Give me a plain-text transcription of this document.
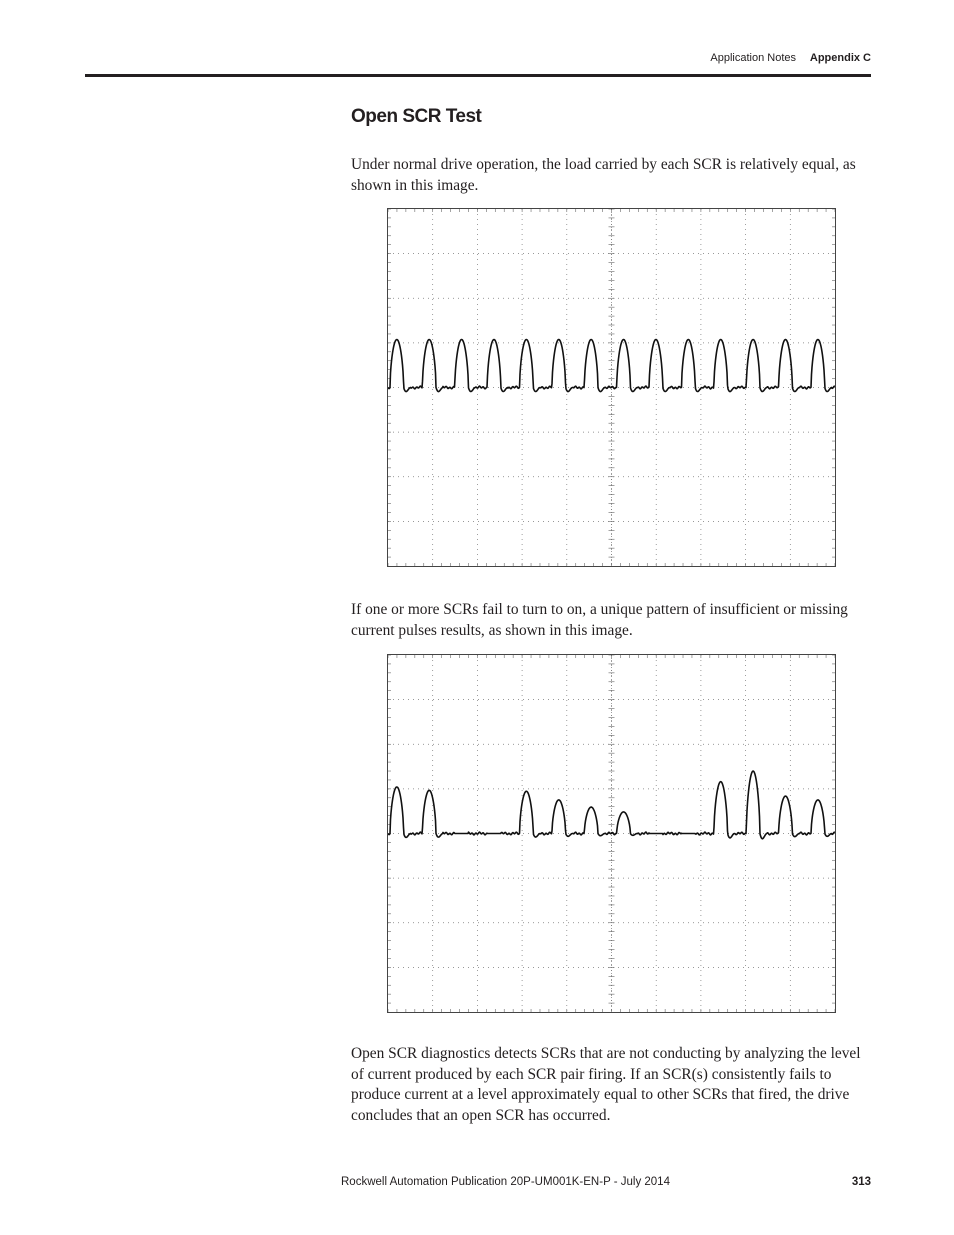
Application Notes Appendix C
Open SCR Test

Under normal drive operation, the load carried by each SCR is relatively equal, as shown in this image.

If one or more SCRs fail to turn to on, a unique pattern of insufficient or missing current pulses results, as shown in this image.

Open SCR diagnostics detects SCRs that are not conducting by analyzing the level of current produced by each SCR pair firing. If an SCR(s) consistently fails to produce current at a level approximately equal to other SCRs that fired, the drive concludes that an open SCR has occurred.

Rockwell Automation Publication 20P-UM001K-EN-P - July 2014	313
